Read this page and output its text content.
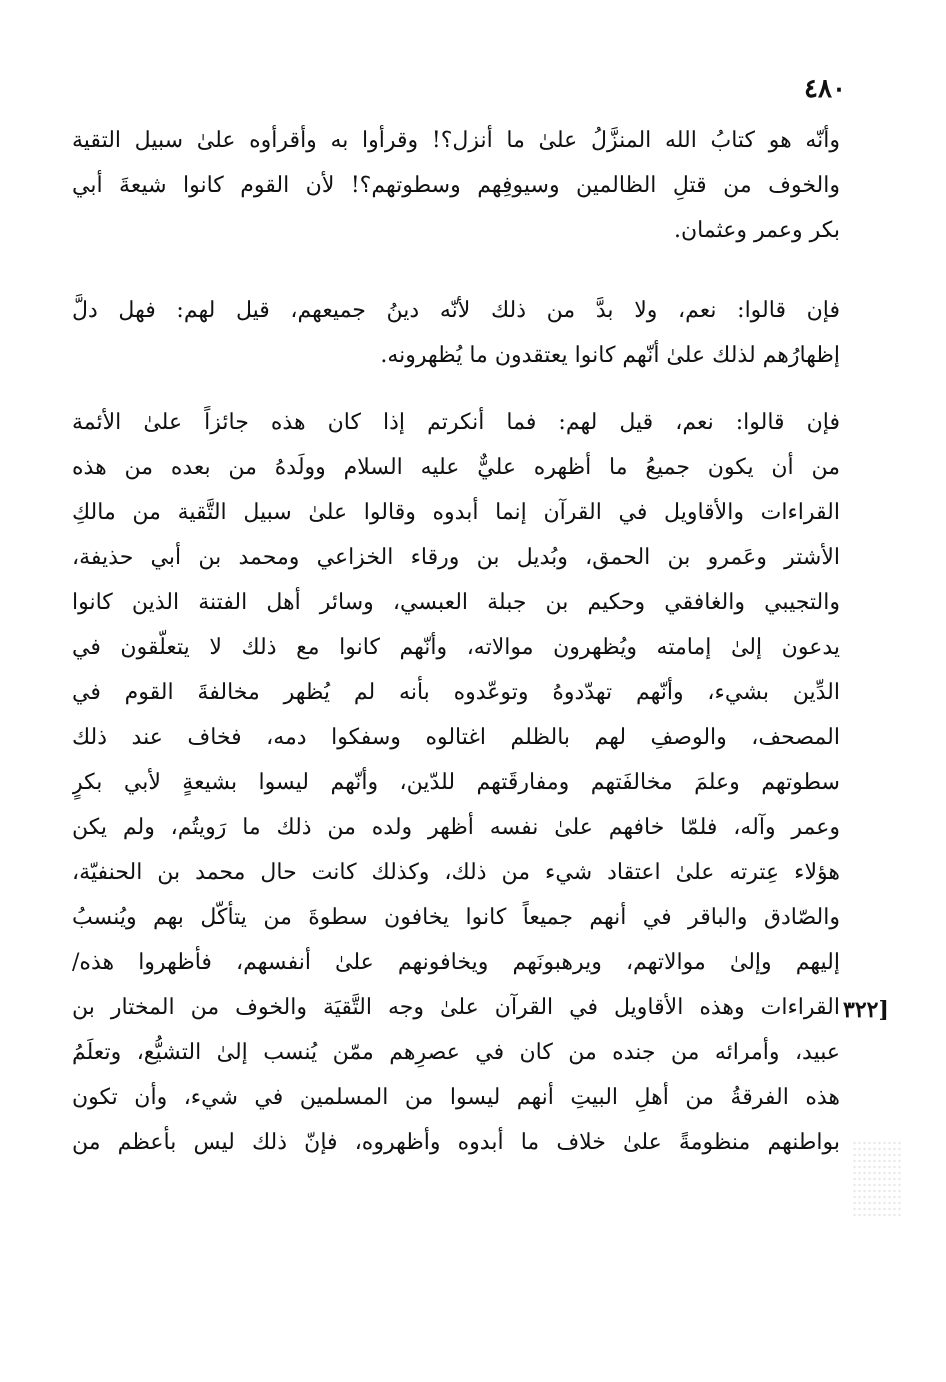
٤٨٠

وأنّه هو كتابُ الله المنزَّلُ علىٰ ما أنزل؟! وقرأوا به وأقرأوه علىٰ سبيل التقية
والخوف من قتلِ الظالمين وسيوفِهم وسطوتهم؟! لأن القوم كانوا شيعةَ أبي
بكر وعمر وعثمان.

فإن قالوا: نعم، ولا بدَّ من ذلك لأنّه دينُ جميعهم، قيل لهم: فهل دلَّ
إظهارُهم لذلك علىٰ أنّهم كانوا يعتقدون ما يُظهرونه.

فإن قالوا: نعم، قيل لهم: فما أنكرتم إذا كان هذه جائزاً علىٰ الأئمة
من أن يكون جميعُ ما أظهره عليٌّ عليه السلام وولَدهُ من بعده من هذه
القراءات والأقاويل في القرآن إنما أبدوه وقالوا علىٰ سبيل التَّقية من مالكِ
الأشتر وعَمرو بن الحمق، وبُديل بن ورقاء الخزاعي ومحمد بن أبي حذيفة،
والتجيبي والغافقي وحكيم بن جبلة العبسي، وسائر أهل الفتنة الذين كانوا
يدعون إلىٰ إمامته ويُظهرون موالاته، وأنّهم كانوا مع ذلك لا يتعلّقون في
الدِّين بشيء، وأنّهم تهدّدوهُ وتوعّدوه بأنه لم يُظهر مخالفةَ القوم في
المصحف، والوصفِ لهم بالظلم اغتالوه وسفكوا دمه، فخاف عند ذلك
سطوتهم وعلمَ مخالفَتهم ومفارقَتهم للدّين، وأنّهم ليسوا بشيعةٍ لأبي بكرٍ
وعمر وآله، فلمّا خافهم علىٰ نفسه أظهر ولده من ذلك ما رَويتُم، ولم يكن
هؤلاء عِترته علىٰ اعتقاد شيء من ذلك، وكذلك كانت حال محمد بن الحنفيّة،
والصّادق والباقر في أنهم جميعاً كانوا يخافون سطوةَ من يتأكّل بهم ويُنسبُ
إليهم وإلىٰ موالاتهم، ويرهبونَهم ويخافونهم علىٰ أنفسهم، فأظهروا هذه/
القراءات وهذه الأقاويل في القرآن علىٰ وجه التَّقيَة والخوف من المختار بن
عبيد، وأمرائه من جنده من كان في عصرِهم ممّن يُنسب إلىٰ التشيُّع، وتعلَمُ
هذه الفرقةُ من أهلِ البيتِ أنهم ليسوا من المسلمين في شيء، وأن تكون
بواطنهم منظومةً علىٰ خلاف ما أبدوه وأظهروه، فإنّ ذلك ليس بأعظم من

[٣٢٢
